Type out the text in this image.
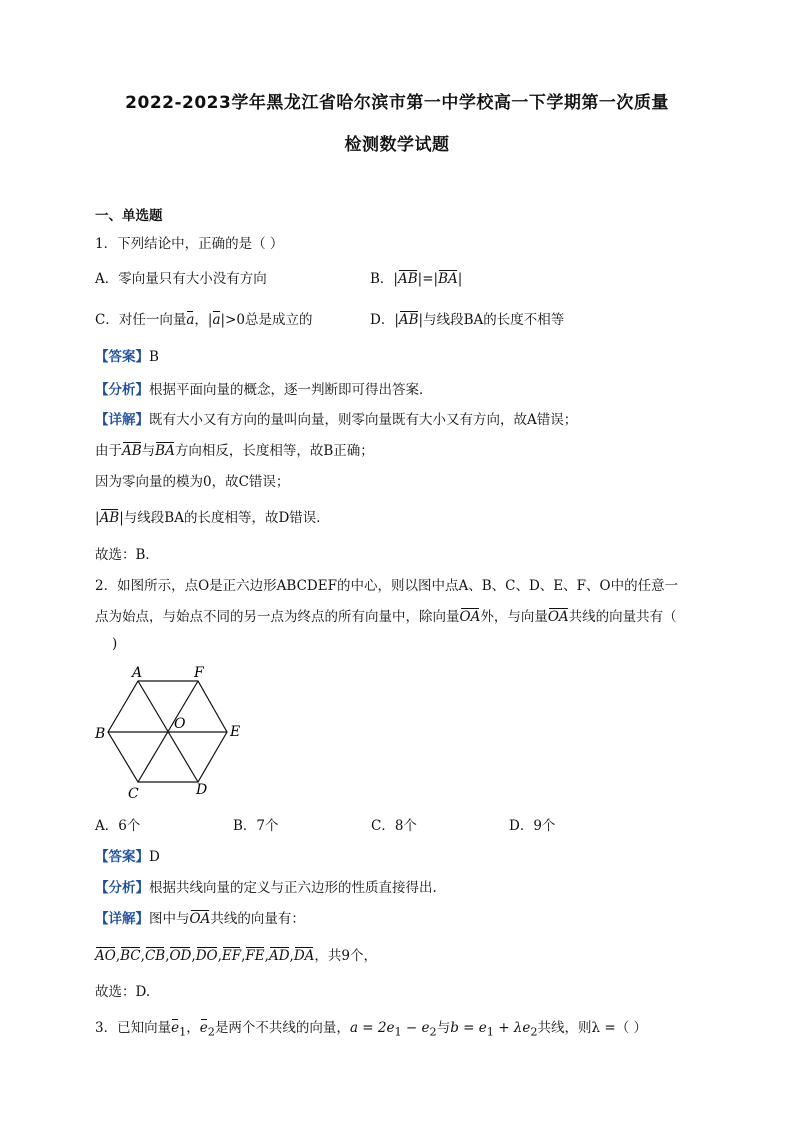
2022-2023学年黑龙江省哈尔滨市第一中学校高一下学期第一次质量
检测数学试题
一、单选题
1．下列结论中，正确的是（ ）
A．零向量只有大小没有方向	B．|AB|=|BA|
C．对任一向量a，|a|>0总是成立的	D．|AB|与线段BA的长度不相等
【答案】B
【分析】根据平面向量的概念，逐一判断即可得出答案．
【详解】既有大小又有方向的量叫向量，则零向量既有大小又有方向，故A错误；
由于AB与BA方向相反，长度相等，故B正确；
因为零向量的模为0，故C错误；
|AB|与线段BA的长度相等，故D错误．
故选：B．
2．如图所示，点O是正六边形ABCDEF的中心，则以图中点A、B、C、D、E、F、O中的任意一
点为始点，与始点不同的另一点为终点的所有向量中，除向量OA外，与向量OA共线的向量共有（
)
A	F
B	E
O
C	D
A．6个	B．7个	C．8个	D．9个
【答案】D
【分析】根据共线向量的定义与正六边形的性质直接得出.
【详解】图中与OA共线的向量有：
AO,BC,CB,OD,DO,EF,FE,AD,DA，共9个，
故选：D.
3．已知向量$e_1$，$e_2$是两个不共线的向量，$a = 2e_1 - e_2$与$b = e_1 + \lambda e_2$共线，则λ =（ ）
